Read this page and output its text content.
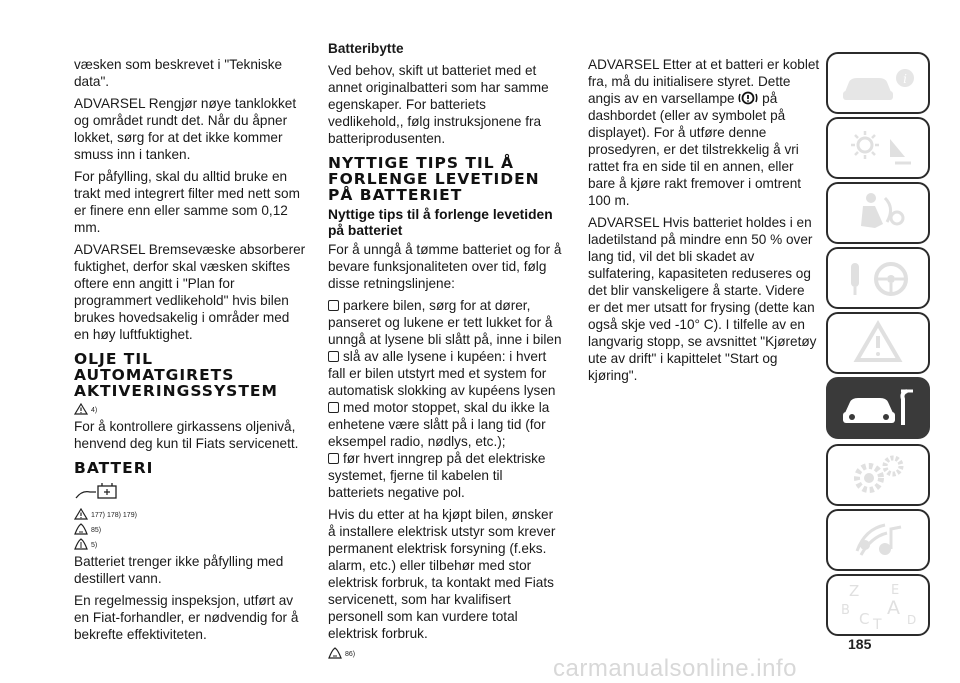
væsken som beskrevet i "Tekniske data".

ADVARSEL Rengjør nøye tanklokket og området rundt det. Når du åpner lokket, sørg for at det ikke kommer smuss inn i tanken.

For påfylling, skal du alltid bruke en trakt med integrert filter med nett som er finere enn eller samme som 0,12 mm.

ADVARSEL Bremsevæske absorberer fuktighet, derfor skal væsken skiftes oftere enn angitt i "Plan for programmert vedlikehold" hvis bilen brukes hovedsakelig i områder med en høy luftfuktighet.

OLJE TIL AUTOMATGIRETS AKTIVERINGSSYSTEM
4)

For å kontrollere girkassens oljenivå, henvend deg kun til Fiats servicenett.

BATTERI
177) 178) 179)
85)
5)

Batteriet trenger ikke påfylling med destillert vann.

En regelmessig inspeksjon, utført av en Fiat-forhandler, er nødvendig for å bekrefte effektiviteten.

Batteribytte

Ved behov, skift ut batteriet med et annet originalbatteri som har samme egenskaper. For batteriets vedlikehold,, følg instruksjonene fra batteriprodusenten.

NYTTIGE TIPS TIL Å FORLENGE LEVETIDEN PÅ BATTERIET
Nyttige tips til å forlenge levetiden på batteriet

For å unngå å tømme batteriet og for å bevare funksjonaliteten over tid, følg disse retningslinjene:

parkere bilen, sørg for at dører, panseret og lukene er tett lukket for å unngå at lysene bli slått på, inne i bilen

slå av alle lysene i kupéen: i hvert fall er bilen utstyrt med et system for automatisk slokking av kupéens lysen

med motor stoppet, skal du ikke la enhetene være slått på i lang tid (for eksempel radio, nødlys, etc.);

før hvert inngrep på det elektriske systemet, fjerne til kabelen til batteriets negative pol.

Hvis du etter at ha kjøpt bilen, ønsker å installere elektrisk utstyr som krever permanent elektrisk forsyning (f.eks. alarm, etc.) eller tilbehør med stor elektrisk forbruk, ta kontakt med Fiats servicenett, som har kvalifisert personell som kan vurdere total elektrisk forbruk.

86)

ADVARSEL Etter at et batteri er koblet fra, må du initialisere styret. Dette angis av en varsellampe på dashbordet (eller av symbolet på displayet). For å utføre denne prosedyren, er det tilstrekkelig å vri rattet fra en side til en annen, eller bare å kjøre rakt fremover i omtrent 100 m.

ADVARSEL Hvis batteriet holdes i en ladetilstand på mindre enn 50 % over lang tid, vil det bli skadet av sulfatering, kapasiteten reduseres og det blir vanskeligere å starte. Videre er det mer utsatt for frysing (dette kan også skje ved -10° C). I tilfelle av en langvarig stopp, se avsnittet "Kjøretøy ute av drift" i kapittelet "Start og kjøring".

i
Z E
B A
C T D
185
carmanualsonline.info
